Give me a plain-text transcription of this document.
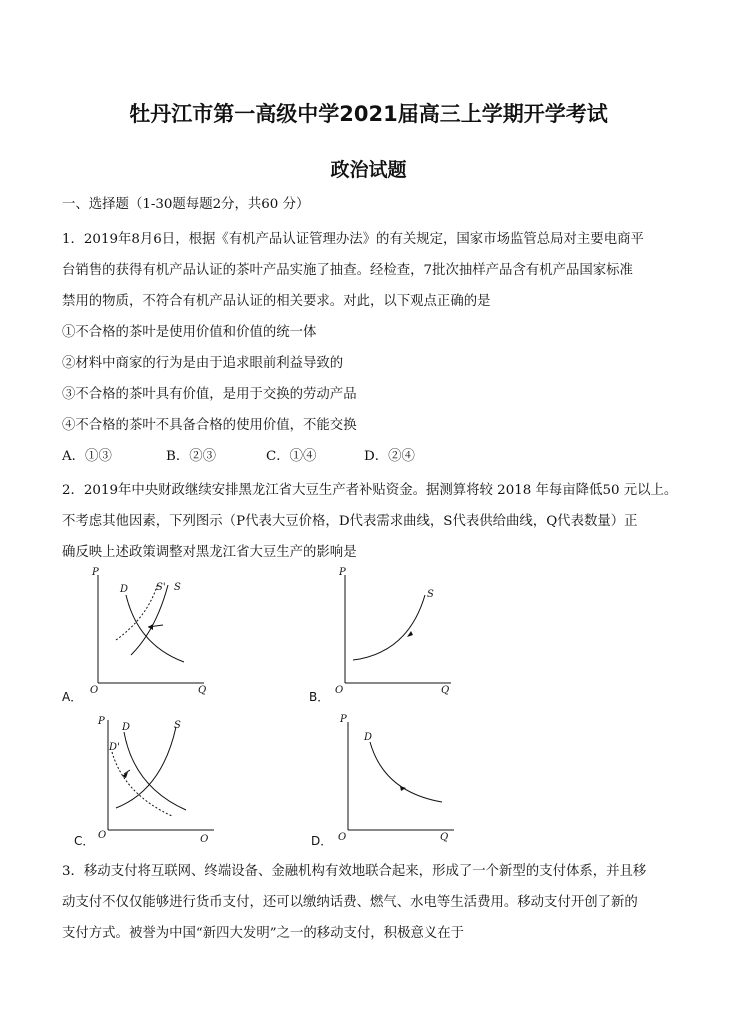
牡丹江市第一高级中学2021届高三上学期开学考试
政治试题
一、选择题（1-30题每题2分，共60 分）
1．2019年8月6日，根据《有机产品认证管理办法》的有关规定，国家市场监管总局对主要电商平
台销售的获得有机产品认证的茶叶产品实施了抽查。经检查，7批次抽样产品含有机产品国家标准
禁用的物质，不符合有机产品认证的相关要求。对此，以下观点正确的是
①不合格的茶叶是使用价值和价值的统一体
②材料中商家的行为是由于追求眼前利益导致的
③不合格的茶叶具有价值，是用于交换的劳动产品
④不合格的茶叶不具备合格的使用价值，不能交换
A．①③	B．②③	C．①④	D．②④
2．2019年中央财政继续安排黑龙江省大豆生产者补贴资金。据测算将较 2018 年每亩降低50 元以上。
不考虑其他因素，下列图示（P代表大豆价格，D代表需求曲线，S代表供给曲线，Q代表数量）正
确反映上述政策调整对黑龙江省大豆生产的影响是
A．
P
Q
O
D	S' S
B．
P
Q
O
S
C．
P
Q
O
D
D'
S
D．
P
Q
O
D
3．移动支付将互联网、终端设备、金融机构有效地联合起来，形成了一个新型的支付体系，并且移
动支付不仅仅能够进行货币支付，还可以缴纳话费、燃气、水电等生活费用。移动支付开创了新的
支付方式。被誉为中国“新四大发明”之一的移动支付，积极意义在于
